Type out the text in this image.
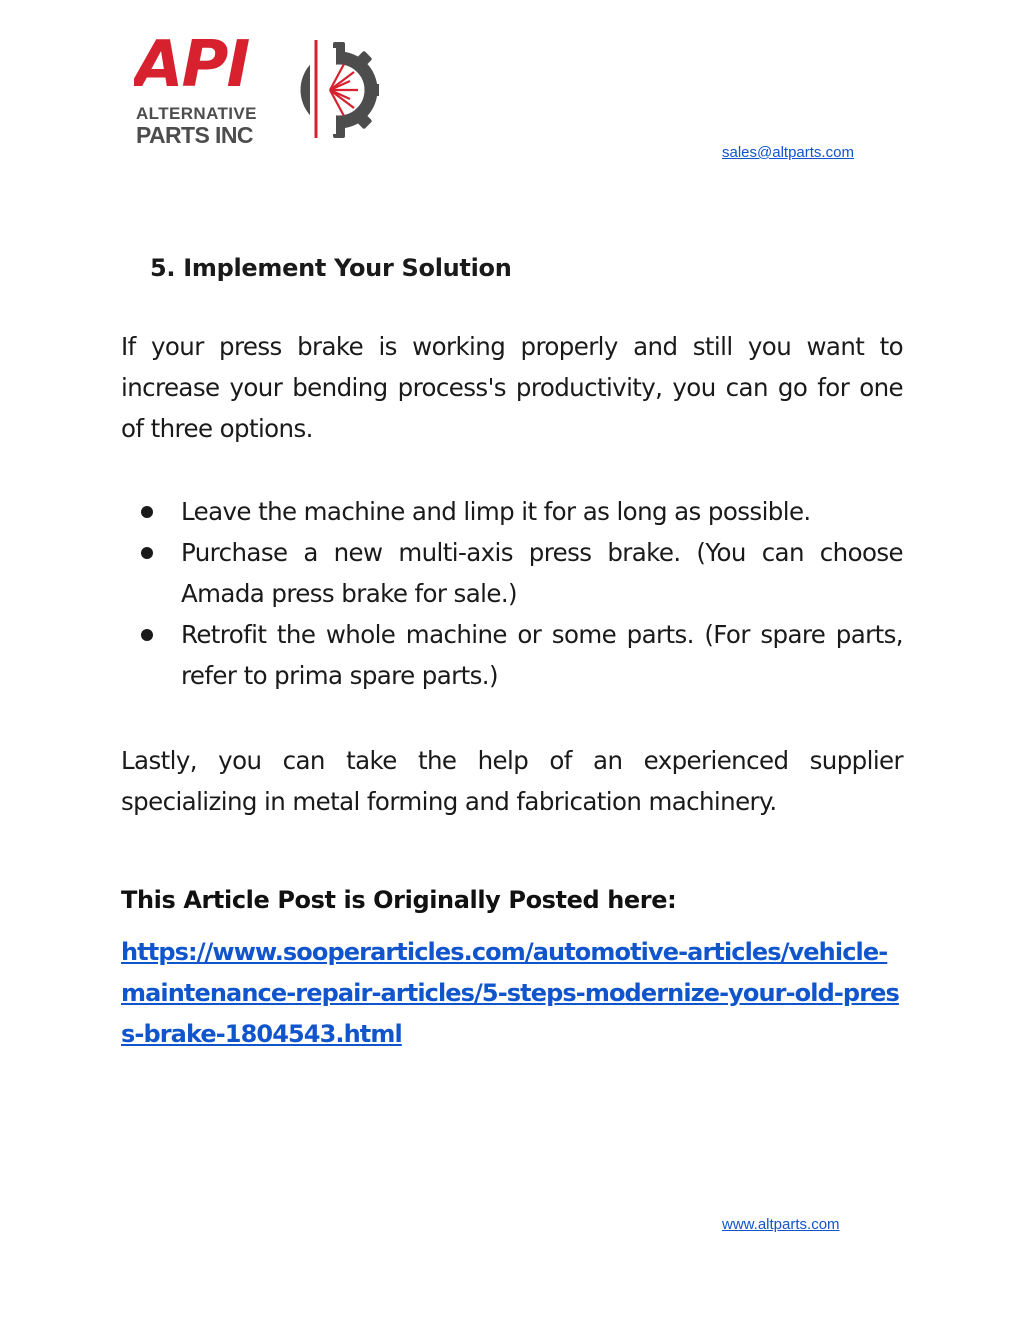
API
ALTERNATIVE
PARTS INC
sales@altparts.com
5. Implement Your Solution

If your press brake is working properly and still you want to increase your bending process's productivity, you can go for one of three options.

Leave the machine and limp it for as long as possible.
Purchase a new multi-axis press brake. (You can choose Amada press brake for sale.)
Retrofit the whole machine or some parts. (For spare parts, refer to prima spare parts.)

Lastly, you can take the help of an experienced supplier specializing in metal forming and fabrication machinery.

This Article Post is Originally Posted here:

https://www.sooperarticles.com/automotive-articles/vehicle-maintenance-repair-articles/5-steps-modernize-your-old-press-brake-1804543.html
www.altparts.com
